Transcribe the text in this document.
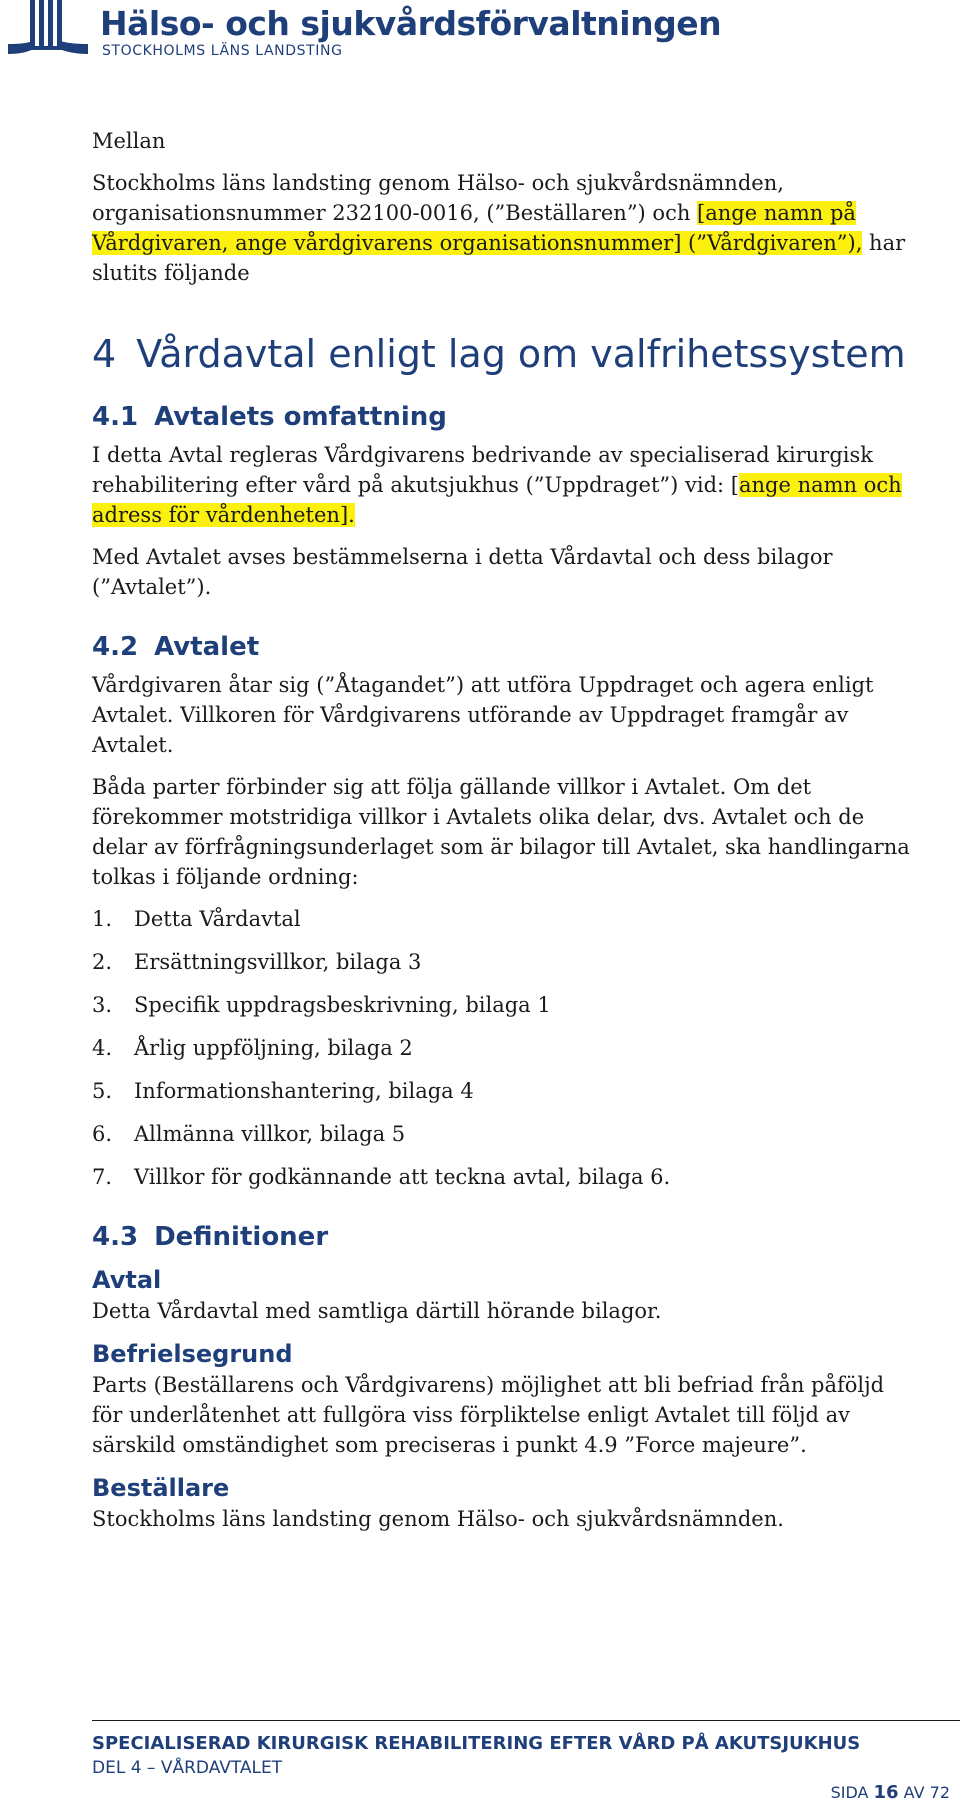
Hälso- och sjukvårdsförvaltningen
STOCKHOLMS LÄNS LANDSTING

Mellan

Stockholms läns landsting genom Hälso- och sjukvårdsnämnden, organisationsnummer 232100-0016, (”Beställaren”) och [ange namn på Vårdgivaren, ange vårdgivarens organisationsnummer] (”Vårdgivaren”), har slutits följande

4 Vårdavtal enligt lag om valfrihetssystem
4.1 Avtalets omfattning

I detta Avtal regleras Vårdgivarens bedrivande av specialiserad kirurgisk rehabilitering efter vård på akutsjukhus (”Uppdraget”) vid: [ange namn och adress för vårdenheten].

Med Avtalet avses bestämmelserna i detta Vårdavtal och dess bilagor (”Avtalet”).

4.2 Avtalet

Vårdgivaren åtar sig (”Åtagandet”) att utföra Uppdraget och agera enligt Avtalet. Villkoren för Vårdgivarens utförande av Uppdraget framgår av Avtalet.

Båda parter förbinder sig att följa gällande villkor i Avtalet. Om det förekommer motstridiga villkor i Avtalets olika delar, dvs. Avtalet och de delar av förfrågningsunderlaget som är bilagor till Avtalet, ska handlingarna tolkas i följande ordning:

1.	Detta Vårdavtal
2.	Ersättningsvillkor, bilaga 3
3.	Specifik uppdragsbeskrivning, bilaga 1
4.	Årlig uppföljning, bilaga 2
5.	Informationshantering, bilaga 4
6.	Allmänna villkor, bilaga 5
7.	Villkor för godkännande att teckna avtal, bilaga 6.
4.3 Definitioner
Avtal

Detta Vårdavtal med samtliga därtill hörande bilagor.

Befrielsegrund

Parts (Beställarens och Vårdgivarens) möjlighet att bli befriad från påföljd för underlåtenhet att fullgöra viss förpliktelse enligt Avtalet till följd av särskild omständighet som preciseras i punkt 4.9 ”Force majeure”.

Beställare

Stockholms läns landsting genom Hälso- och sjukvårdsnämnden.

SPECIALISERAD KIRURGISK REHABILITERING EFTER VÅRD PÅ AKUTSJUKHUS
DEL 4 – VÅRDAVTALET
SIDA 16 AV 72
